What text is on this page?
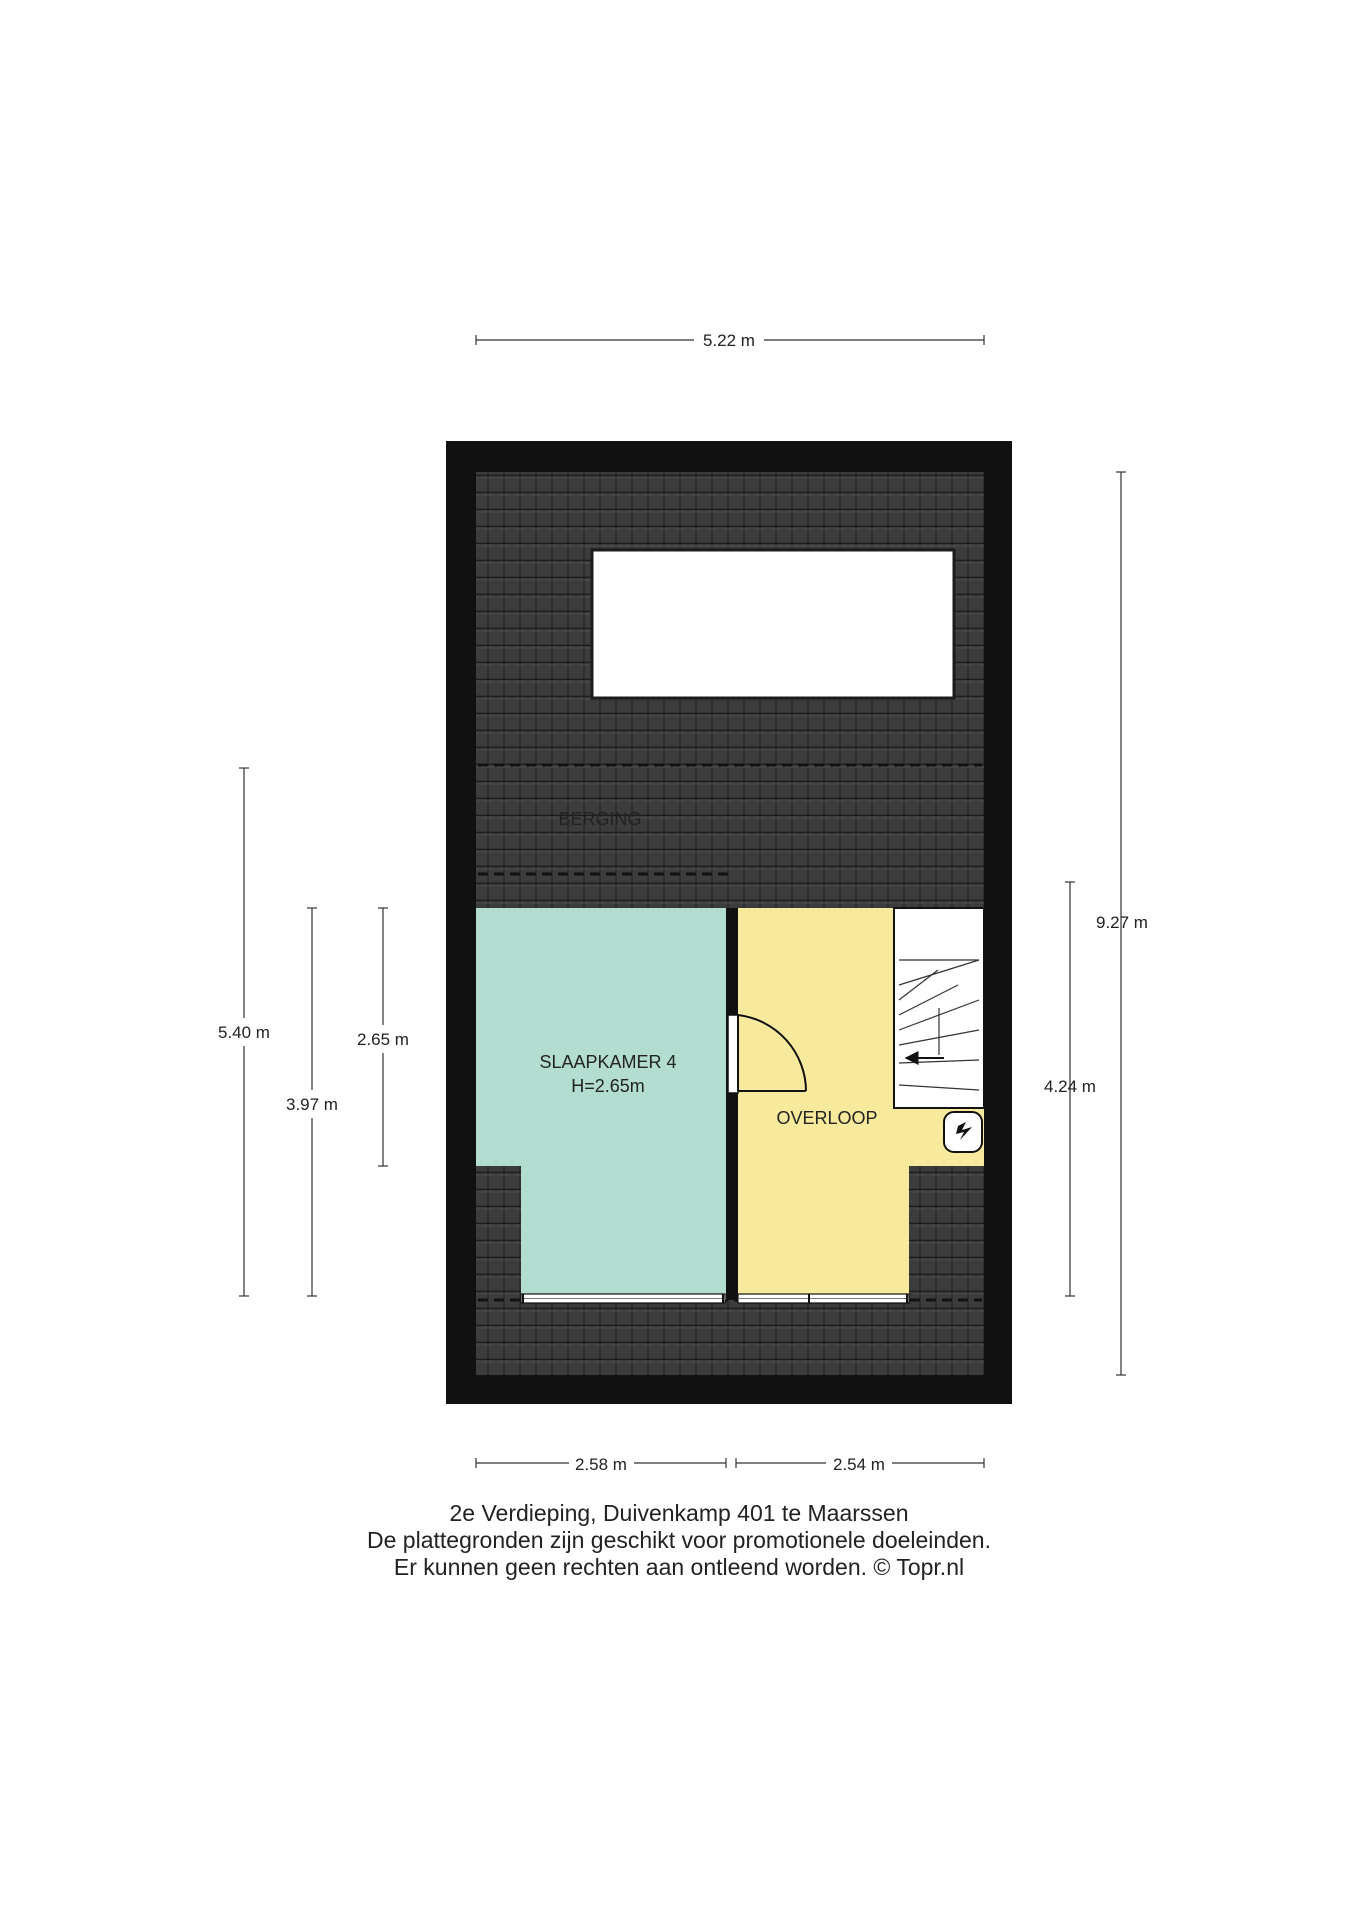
BERGING
SLAAPKAMER 4
H=2.65m
OVERLOOP
5.22 m
5.40 m
3.97 m
2.65 m
9.27 m
4.24 m
2.58 m	2.54 m
2e Verdieping, Duivenkamp 401 te Maarssen
De plattegronden zijn geschikt voor promotionele doeleinden.
Er kunnen geen rechten aan ontleend worden. © Topr.nl
